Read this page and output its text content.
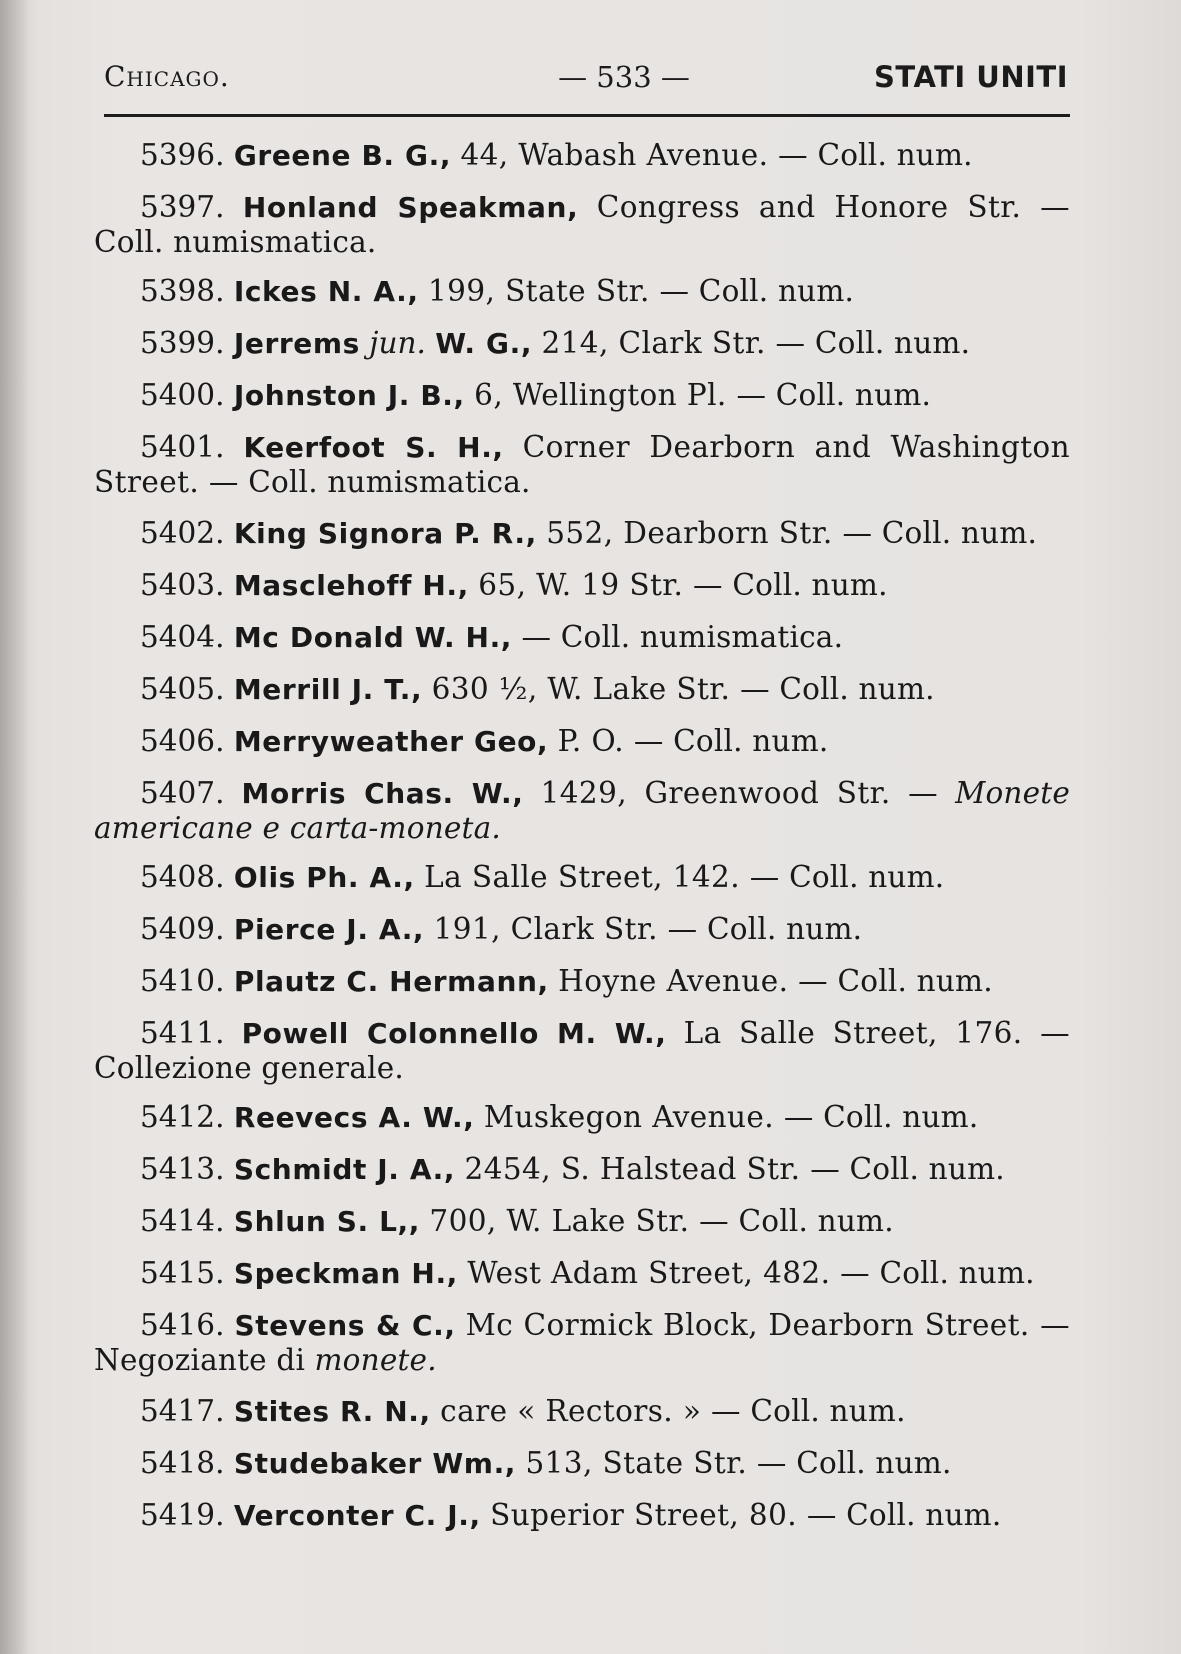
Chicago.	— 533 —	STATI UNITI
5396. Greene B. G., 44, Wabash Avenue. — Coll. num.
5397. Honland Speakman, Congress and Honore Str. — Coll. numismatica.
5398. Ickes N. A., 199, State Str. — Coll. num.
5399. Jerrems jun. W. G., 214, Clark Str. — Coll. num.
5400. Johnston J. B., 6, Wellington Pl. — Coll. num.
5401. Keerfoot S. H., Corner Dearborn and Washington Street. — Coll. numismatica.
5402. King Signora P. R., 552, Dearborn Str. — Coll. num.
5403. Masclehoff H., 65, W. 19 Str. — Coll. num.
5404. Mc Donald W. H., — Coll. numismatica.
5405. Merrill J. T., 630 ½, W. Lake Str. — Coll. num.
5406. Merryweather Geo, P. O. — Coll. num.
5407. Morris Chas. W., 1429, Greenwood Str. — Monete americane e carta-moneta.
5408. Olis Ph. A., La Salle Street, 142. — Coll. num.
5409. Pierce J. A., 191, Clark Str. — Coll. num.
5410. Plautz C. Hermann, Hoyne Avenue. — Coll. num.
5411. Powell Colonnello M. W., La Salle Street, 176. — Collezione generale.
5412. Reevecs A. W., Muskegon Avenue. — Coll. num.
5413. Schmidt J. A., 2454, S. Halstead Str. — Coll. num.
5414. Shlun S. L,, 700, W. Lake Str. — Coll. num.
5415. Speckman H., West Adam Street, 482. — Coll. num.
5416. Stevens & C., Mc Cormick Block, Dearborn Street. — Negoziante di monete.
5417. Stites R. N., care « Rectors. » — Coll. num.
5418. Studebaker Wm., 513, State Str. — Coll. num.
5419. Verconter C. J., Superior Street, 80. — Coll. num.
